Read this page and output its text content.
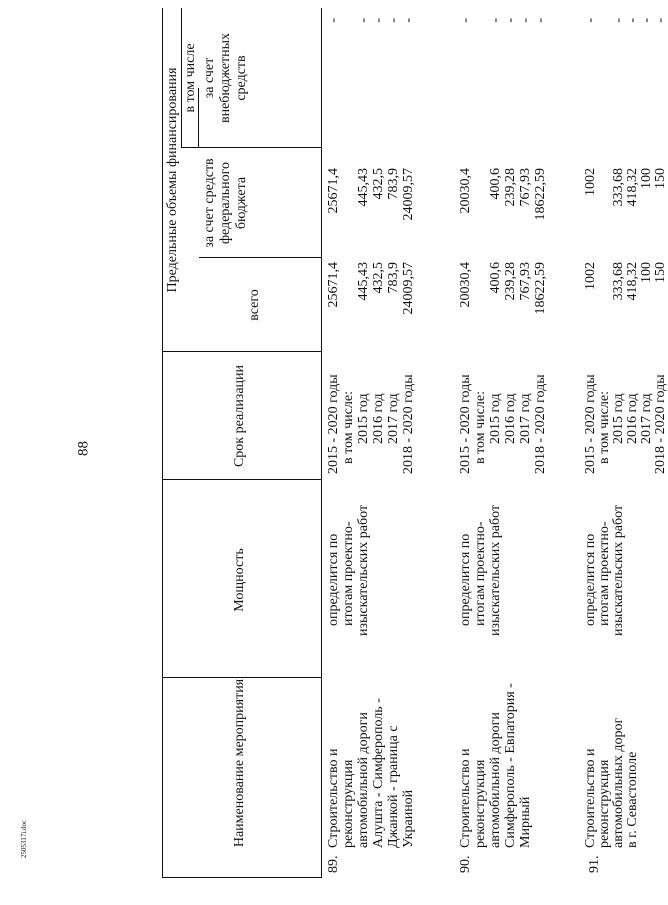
88
2505317i.doc	Наименование мероприятия
Мощность
Срок реализации
Предельные объемы финансирования в том числе
всего
за счет средств федерального бюджета
за счет внебюджетных средств
89.
Строительство и реконструкция автомобильной дороги Алушта - Симферополь - Джанкой - граница с Украиной
определится по итогам проектно- изыскательских работ
2015 - 2020 годы в том числе: 2015 год 2016 год 2017 год 2018 - 2020 годы
25671,4
445,43 432,5 783,9 24009,57
25671,4
445,43 432,5 783,9 24009,57
-
- - - -
90.
Строительство и реконструкция автомобильной дороги Симферополь - Евпатория - Мирный
определится по итогам проектно- изыскательских работ
2015 - 2020 годы в том числе: 2015 год 2016 год 2017 год 2018 - 2020 годы
20030,4
400,6 239,28 767,93 18622,59
20030,4
400,6 239,28 767,93 18622,59
-
- - - -
91.
Строительство и реконструкция автомобильных дорог в г. Севастополе
определится по итогам проектно- изыскательских работ
2015 - 2020 годы в том числе: 2015 год 2016 год 2017 год 2018 - 2020 годы
1002
333,68 418,32 100 150
1002
333,68 418,32 100 150
-
- - - -
